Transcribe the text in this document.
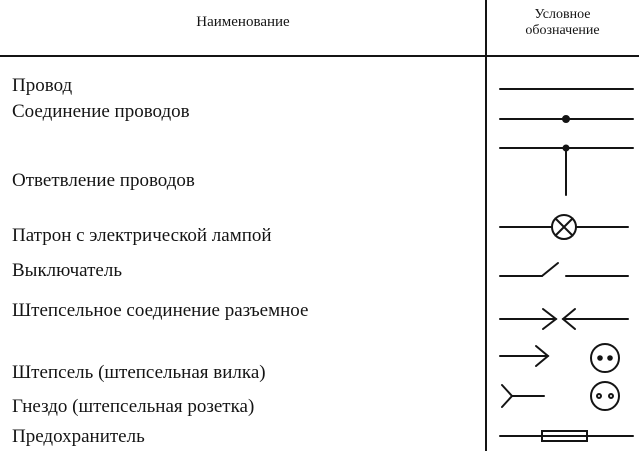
Наименование	Условное
обозначение
Провод
Соединение проводов
Ответвление проводов
Патрон с электрической лампой
Выключатель
Штепсельное соединение разъемное
Штепсель (штепсельная вилка)
Гнездо (штепсельная розетка)
Предохранитель
